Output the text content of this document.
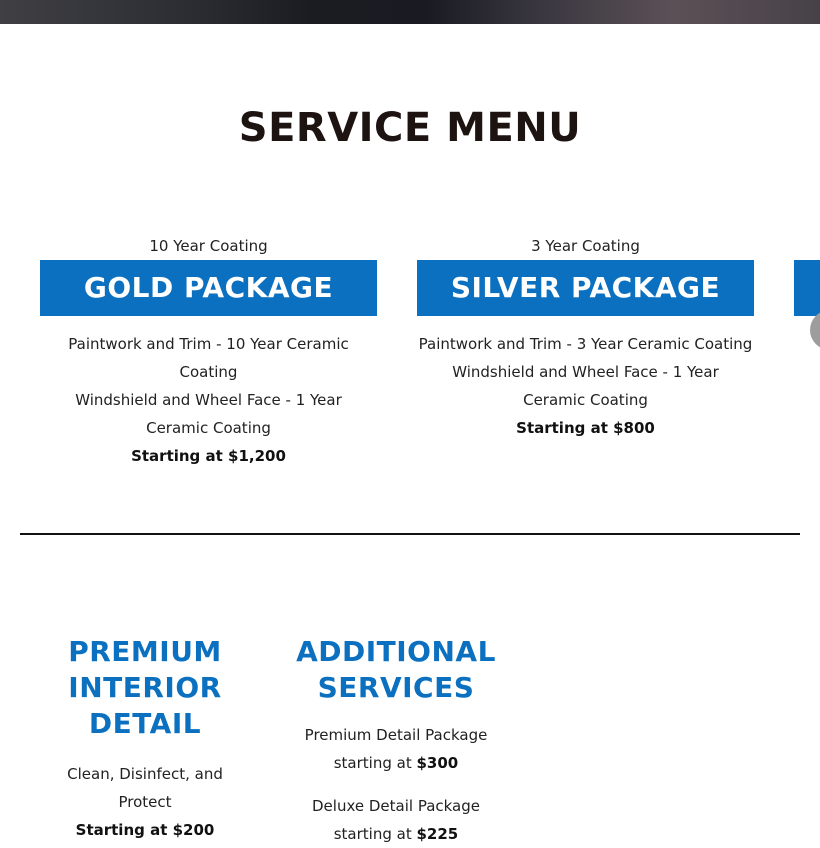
SERVICE MENU
10 Year Coating
GOLD PACKAGE
Paintwork and Trim - 10 Year Ceramic Coating
Windshield and Wheel Face - 1 Year Ceramic Coating
Starting at $1,200
3 Year Coating
SILVER PACKAGE
Paintwork and Trim - 3 Year Ceramic Coating
Windshield and Wheel Face - 1 Year Ceramic Coating
Starting at $800
PREMIUM INTERIOR DETAIL
Clean, Disinfect, and Protect
Starting at $200
ADDITIONAL SERVICES
Premium Detail Package
starting at $300
Deluxe Detail Package
starting at $225
